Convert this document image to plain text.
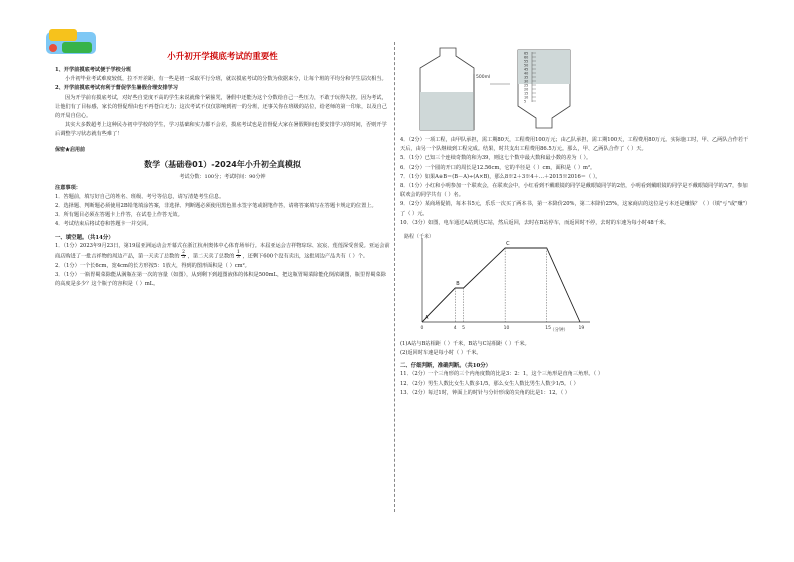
小升初开学摸底考试的重要性

1、开学前摸底考试便于学校分班

小升初毕业考试难度较低，拉不开差距，有一些是初一采取平行分班，就以摸底考试的分数为依据来分，让每个班的平均分和学生层次相当。

2、开学前摸底考试有利于督促学生暑假合理安排学习

因为开学前有摸底考试，对好些自觉度不高的学生来说就像个紧箍咒，暑假中还能为这个分数给自己一些压力，不敢于玩得失控。因为考试，让他们有了目标感，家长的督促理由也不再苍白无力；这次考试不仅仅影响到初一的分班，还事关你在班级的站位，给老师的第一印象，以及自己的开局自信心。

其实大多数超考上这种民办初中学校的学生，学习基础和实力都不会差，摸底考试也是首督促大家在暑假期间也要安排学习的时间，否则开学后调整学习状态就有些难了！

保密★启用前
数学（基础卷01）-2024年小升初全真模拟
考试分数：100分；考试时间：90分钟

注意事项：

1．答题前，填写好自己的姓名、班级、考号等信息，请写清楚考生信息。

2．选择题、判断题必须使用2B铅笔填涂答案，非选择、判断题必须使用黑色墨水签字笔或钢笔作答，请将答案填写在答题卡规定的位置上。

3．所有题目必须在答题卡上作答，在试卷上作答无效。

4．考试结束后将试卷和答题卡一并交回。

一、填空题。（共14分）

1．（1分）2023年9月23日，第19届亚洲运动会开幕式在浙江杭州奥体中心体育场举行。本届亚运会吉祥物琮琮、宸宸、莲莲深受喜爱。亚运会前商店购进了一批吉祥物的周边产品，第一天卖了总数的 $\frac{2}{5}$ ，第二天卖了总数的 $\frac{1}{3}$ ，还剩下600个没有卖出，这批周边产品共有（ ）个。

2．（1分）一个长6cm，宽4cm的长方形按5：1放大，得到的图形面积是（ ）cm²。

3．（1分）一瓶胃蜀菜除能从满瓶在第一次的容量（如图），从到剩下到超图液体的体积是500mL，把这瓶胃蜀菜除能化倒浓刷图，瓶里胃蜀菜除的高度是多少？这个瓶子的容积是（ ）mL。

500ml
65
60
55
50
45
40
35
30
25
20
15
10
5

4．（2分）一项工程，由甲队承担，需工期80天，工程费用100万元；由乙队承担，需工期100天，工程费用80万元。实际施工时，甲、乙两队合作若干天后，由另一个队继续到工程完成。结果，时共支出工程费用86.5万元。那么，甲、乙两队合作了（ ）天。

5．（1分）已知三个连续奇数的和为39，则这七个数中最大数和最小数的差为（ ）。

6．（2分）一个圆的开口的周长是12.56cm，它的半径是（ ）cm，面积是（ ）m²。

7．（1分）如果A※B＝(B－A)÷(A×B)，那么8※2＋3※4＋…＋2015※2016＝（ ）。

8．（1分）小红和小明参加一个联欢会，在联欢会中，小红看到不戴眼镜的同学是戴眼镜同学的2倍，小明看到戴眼镜的同学是不戴眼镜同学的3/7，参加联欢会的同学共有（ ）名。

9．（2分）某商场促销，每本书5元，乐乐一次买了两本书，第一本降价20%，第二本降价25%，这家商店的这位是亏本还是赚钱？（ ）（填"亏"或"赚"）了（ ）元。

10．（3分）如图，电车通过A站到达C站，然后返回，去时在B站停车，而返回时不停，去时的车速为每小时48千米。

路程（千米）
（分钟）
0	4 5	10	15	19
A
B
C

(1)A站与B站相距（ ）千米，B站与C站相距（ ）千米。

(2)返回时车速是每小时（ ）千米。

二、仔细判断，准确判断。（共10分）

11．（2分）一个三角形的三个内角度数的比是3：2：1，这个三角形是直角三角形。（ ）

12．（2分）男生人数比女生人数多1/5，那么女生人数比男生人数少1/5。（ ）

13．（2分）每过1时，钟面上的时针与分针形成的尖角的比是1：12。（ ）
